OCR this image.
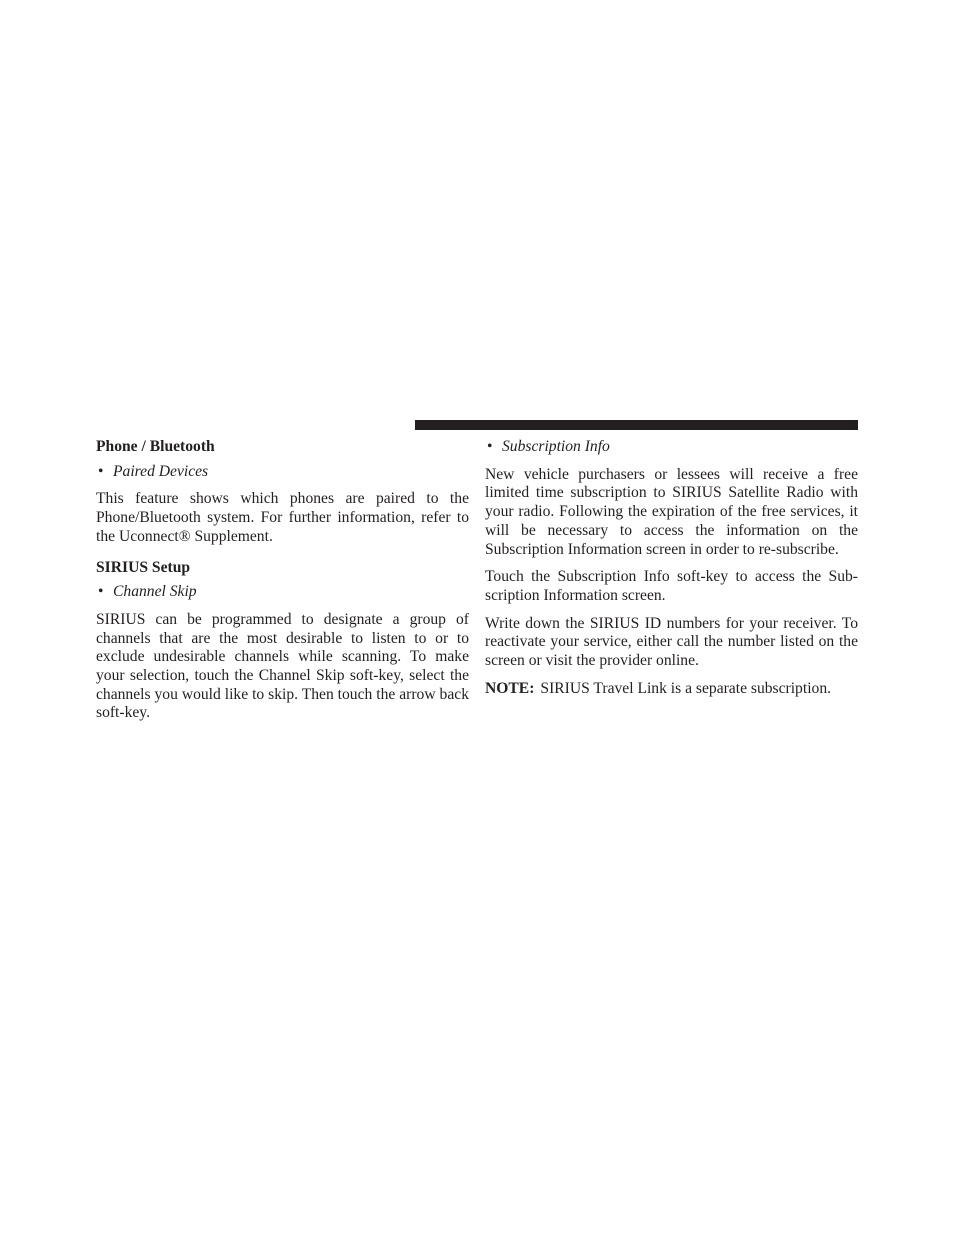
Phone / Bluetooth
• Paired Devices
This feature shows which phones are paired to the Phone/Bluetooth system. For further information, refer to the Uconnect® Supplement.
SIRIUS Setup
• Channel Skip
SIRIUS can be programmed to designate a group of channels that are the most desirable to listen to or to exclude undesirable channels while scanning. To make your selection, touch the Channel Skip soft-key, select the channels you would like to skip. Then touch the arrow back soft-key.
• Subscription Info
New vehicle purchasers or lessees will receive a free limited time subscription to SIRIUS Satellite Radio with your radio. Following the expiration of the free services, it will be necessary to access the information on the Subscription Information screen in order to re-subscribe.
Touch the Subscription Info soft-key to access the Subscription Information screen.
Write down the SIRIUS ID numbers for your receiver. To reactivate your service, either call the number listed on the screen or visit the provider online.
NOTE: SIRIUS Travel Link is a separate subscription.
